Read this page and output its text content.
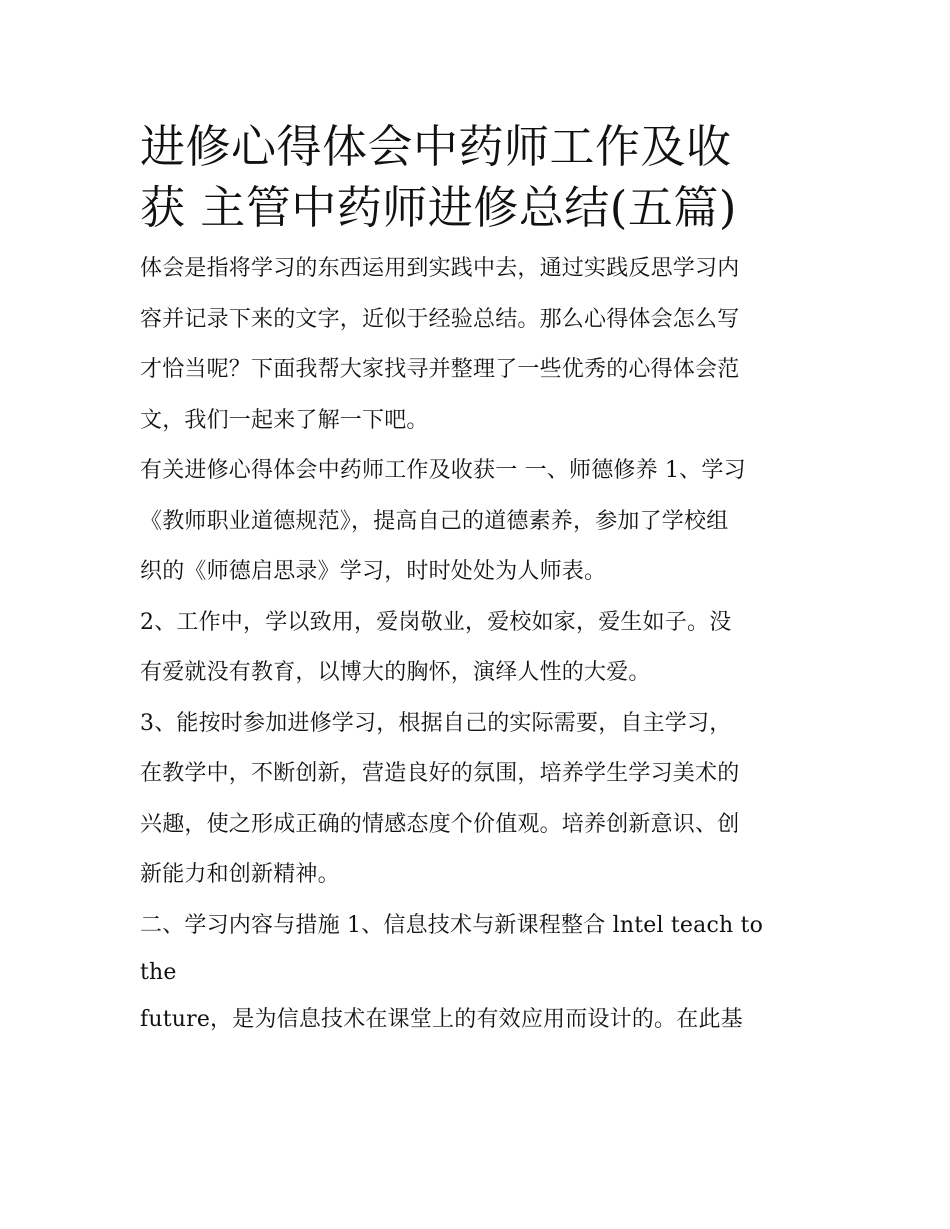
进修心得体会中药师工作及收
获 主管中药师进修总结(五篇)

体会是指将学习的东西运用到实践中去，通过实践反思学习内
容并记录下来的文字，近似于经验总结。那么心得体会怎么写
才恰当呢？下面我帮大家找寻并整理了一些优秀的心得体会范
文，我们一起来了解一下吧。

有关进修心得体会中药师工作及收获一 一、师德修养 1、学习
《教师职业道德规范》，提高自己的道德素养，参加了学校组
织的《师德启思录》学习，时时处处为人师表。

2、工作中，学以致用，爱岗敬业，爱校如家，爱生如子。没
有爱就没有教育，以博大的胸怀，演绎人性的大爱。

3、能按时参加进修学习，根据自己的实际需要，自主学习，
在教学中，不断创新，营造良好的氛围，培养学生学习美术的
兴趣，使之形成正确的情感态度个价值观。培养创新意识、创
新能力和创新精神。

二、学习内容与措施 1、信息技术与新课程整合 lntel teach to
the

future，是为信息技术在课堂上的有效应用而设计的。在此基
